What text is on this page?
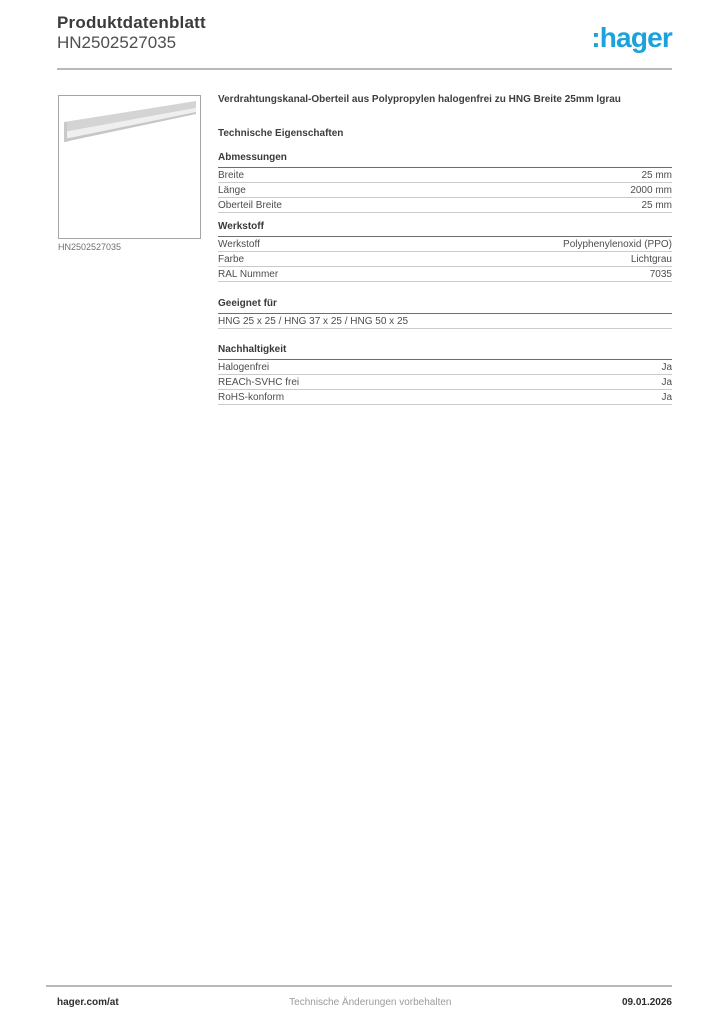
Produktdatenblatt
HN2502527035	:hager
HN2502527035
Verdrahtungskanal-Oberteil aus Polypropylen halogenfrei zu HNG Breite 25mm lgrau
Technische Eigenschaften
Abmessungen
Breite	25 mm
Länge	2000 mm
Oberteil Breite	25 mm
Werkstoff
Werkstoff	Polyphenylenoxid (PPO)
Farbe	Lichtgrau
RAL Nummer	7035
Geeignet für
HNG 25 x 25 / HNG 37 x 25 / HNG 50 x 25
Nachhaltigkeit
Halogenfrei	Ja
REACh-SVHC frei	Ja
RoHS-konform	Ja
hager.com/at	Technische Änderungen vorbehalten	09.01.2026
